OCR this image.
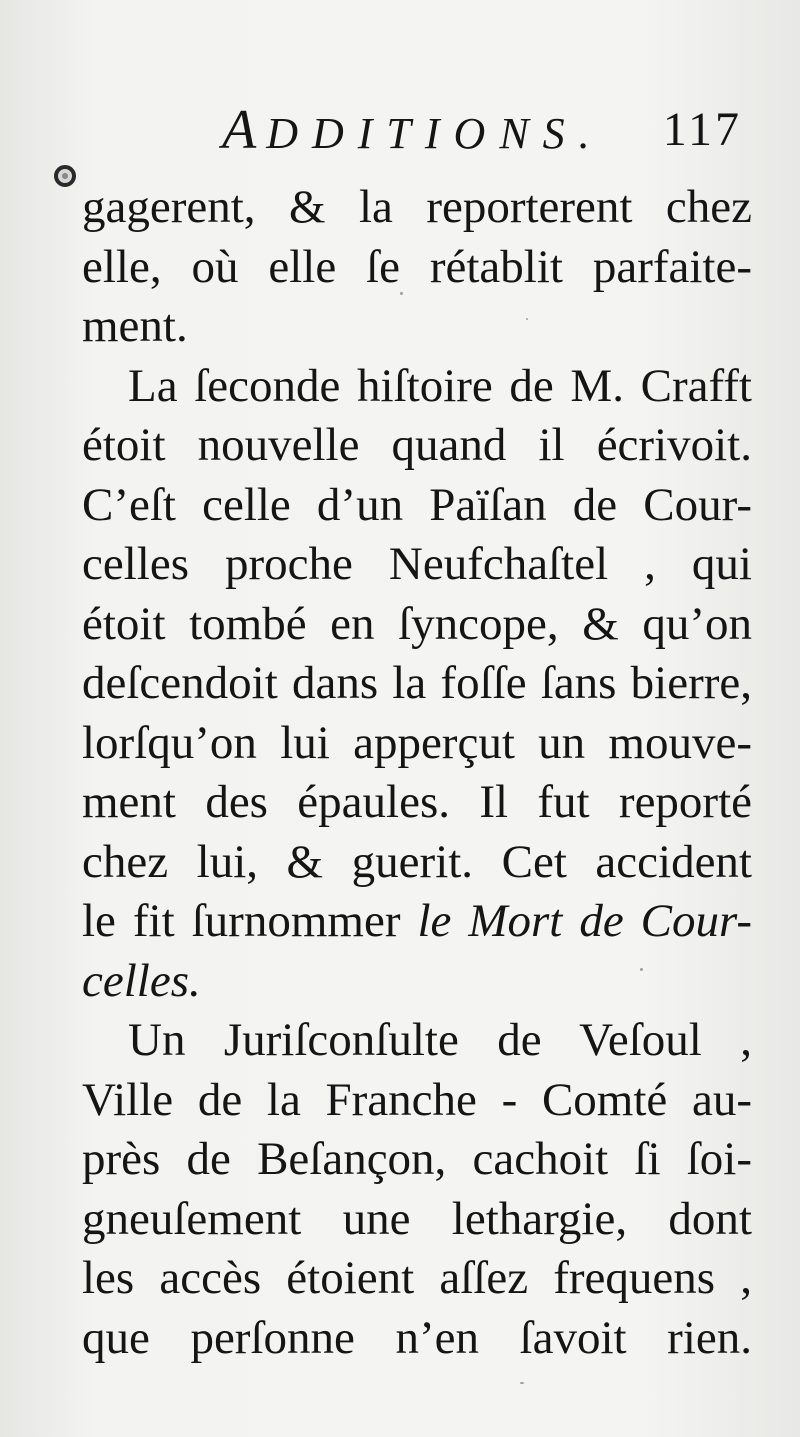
ADDITIONS. 117
gagerent, & la reporterent chez
elle, où elle ſe rétablit parfaite-
ment.
La ſeconde hiſtoire de M. Crafft
étoit nouvelle quand il écrivoit.
C’eſt celle d’un Païſan de Cour-
celles proche Neufchaſtel , qui
étoit tombé en ſyncope, & qu’on
deſcendoit dans la foſſe ſans bierre,
lorſqu’on lui apperçut un mouve-
ment des épaules. Il fut reporté
chez lui, & guerit. Cet accident
le fit ſurnommer le Mort de Cour-
celles.
Un Juriſconſulte de Veſoul ,
Ville de la Franche - Comté au-
près de Beſançon, cachoit ſi ſoi-
gneuſement une lethargie, dont
les accès étoient aſſez frequens ,
que perſonne n’en ſavoit rien.
